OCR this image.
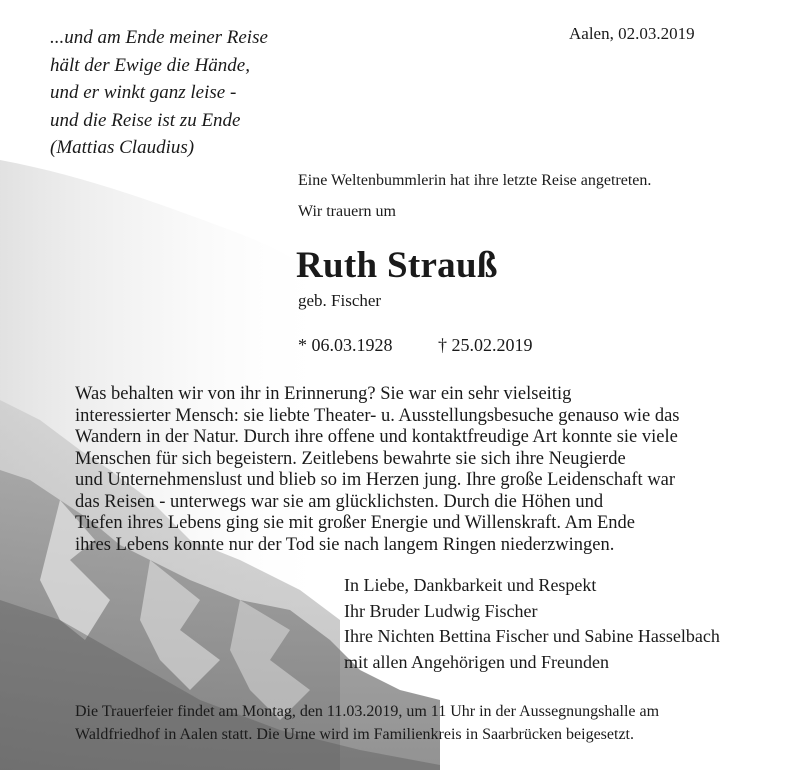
...und am Ende meiner Reise
hält der Ewige die Hände,
und er winkt ganz leise -
und die Reise ist zu Ende
(Mattias Claudius)
Aalen, 02.03.2019
Eine Weltenbummlerin hat ihre letzte Reise angetreten.
Wir trauern um
Ruth Strauß
geb. Fischer
* 06.03.1928	† 25.02.2019
Was behalten wir von ihr in Erinnerung? Sie war ein sehr vielseitig
interessierter Mensch: sie liebte Theater- u. Ausstellungsbesuche genauso wie das
Wandern in der Natur. Durch ihre offene und kontaktfreudige Art konnte sie viele
Menschen für sich begeistern. Zeitlebens bewahrte sie sich ihre Neugierde
und Unternehmenslust und blieb so im Herzen jung. Ihre große Leidenschaft war
das Reisen - unterwegs war sie am glücklichsten. Durch die Höhen und
Tiefen ihres Lebens ging sie mit großer Energie und Willenskraft. Am Ende
ihres Lebens konnte nur der Tod sie nach langem Ringen niederzwingen.
In Liebe, Dankbarkeit und Respekt
Ihr Bruder Ludwig Fischer
Ihre Nichten Bettina Fischer und Sabine Hasselbach
mit allen Angehörigen und Freunden
Die Trauerfeier findet am Montag, den 11.03.2019, um 11 Uhr in der Aussegnungshalle am
Waldfriedhof in Aalen statt. Die Urne wird im Familienkreis in Saarbrücken beigesetzt.
